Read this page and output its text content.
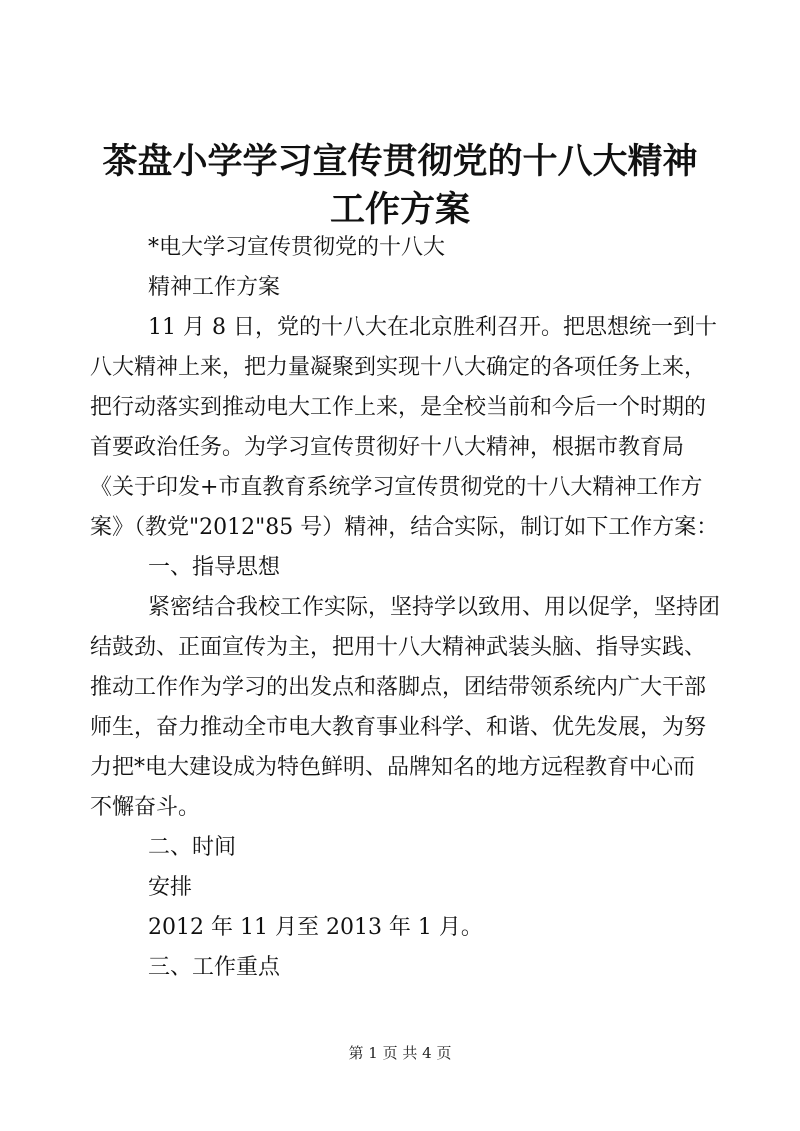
茶盘小学学习宣传贯彻党的十八大精神工作方案
*电大学习宣传贯彻党的十八大
精神工作方案
11 月 8 日，党的十八大在北京胜利召开。把思想统一到十
八大精神上来，把力量凝聚到实现十八大确定的各项任务上来，
把行动落实到推动电大工作上来，是全校当前和今后一个时期的
首要政治任务。为学习宣传贯彻好十八大精神，根据市教育局
《关于印发+市直教育系统学习宣传贯彻党的十八大精神工作方
案》（教党"2012"85 号）精神，结合实际，制订如下工作方案：
一、指导思想
紧密结合我校工作实际，坚持学以致用、用以促学，坚持团
结鼓劲、正面宣传为主，把用十八大精神武装头脑、指导实践、
推动工作作为学习的出发点和落脚点，团结带领系统内广大干部
师生，奋力推动全市电大教育事业科学、和谐、优先发展，为努
力把*电大建设成为特色鲜明、品牌知名的地方远程教育中心而
不懈奋斗。
二、时间
安排
2012 年 11 月至 2013 年 1 月。
三、工作重点
第 1 页 共 4 页
